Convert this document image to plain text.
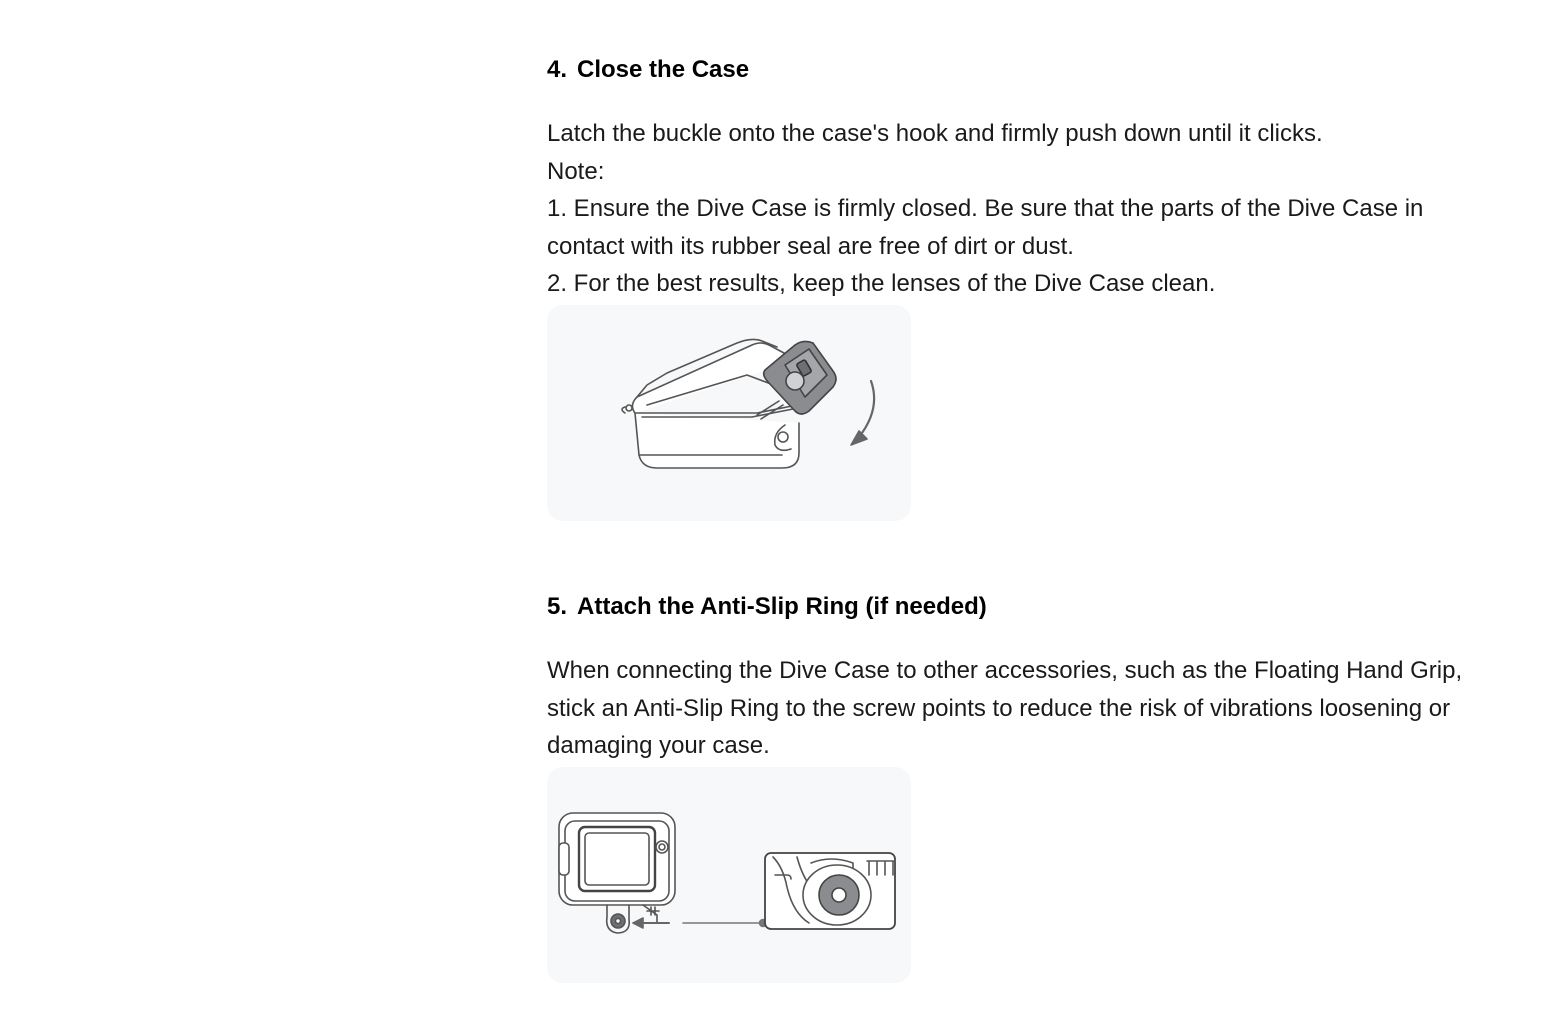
4. Close the Case

Latch the buckle onto the case's hook and firmly push down until it clicks.

Note:

1. Ensure the Dive Case is firmly closed. Be sure that the parts of the Dive Case in contact with its rubber seal are free of dirt or dust.

2. For the best results, keep the lenses of the Dive Case clean.

5. Attach the Anti-Slip Ring (if needed)

When connecting the Dive Case to other accessories, such as the Floating Hand Grip, stick an Anti-Slip Ring to the screw points to reduce the risk of vibrations loosening or damaging your case.
